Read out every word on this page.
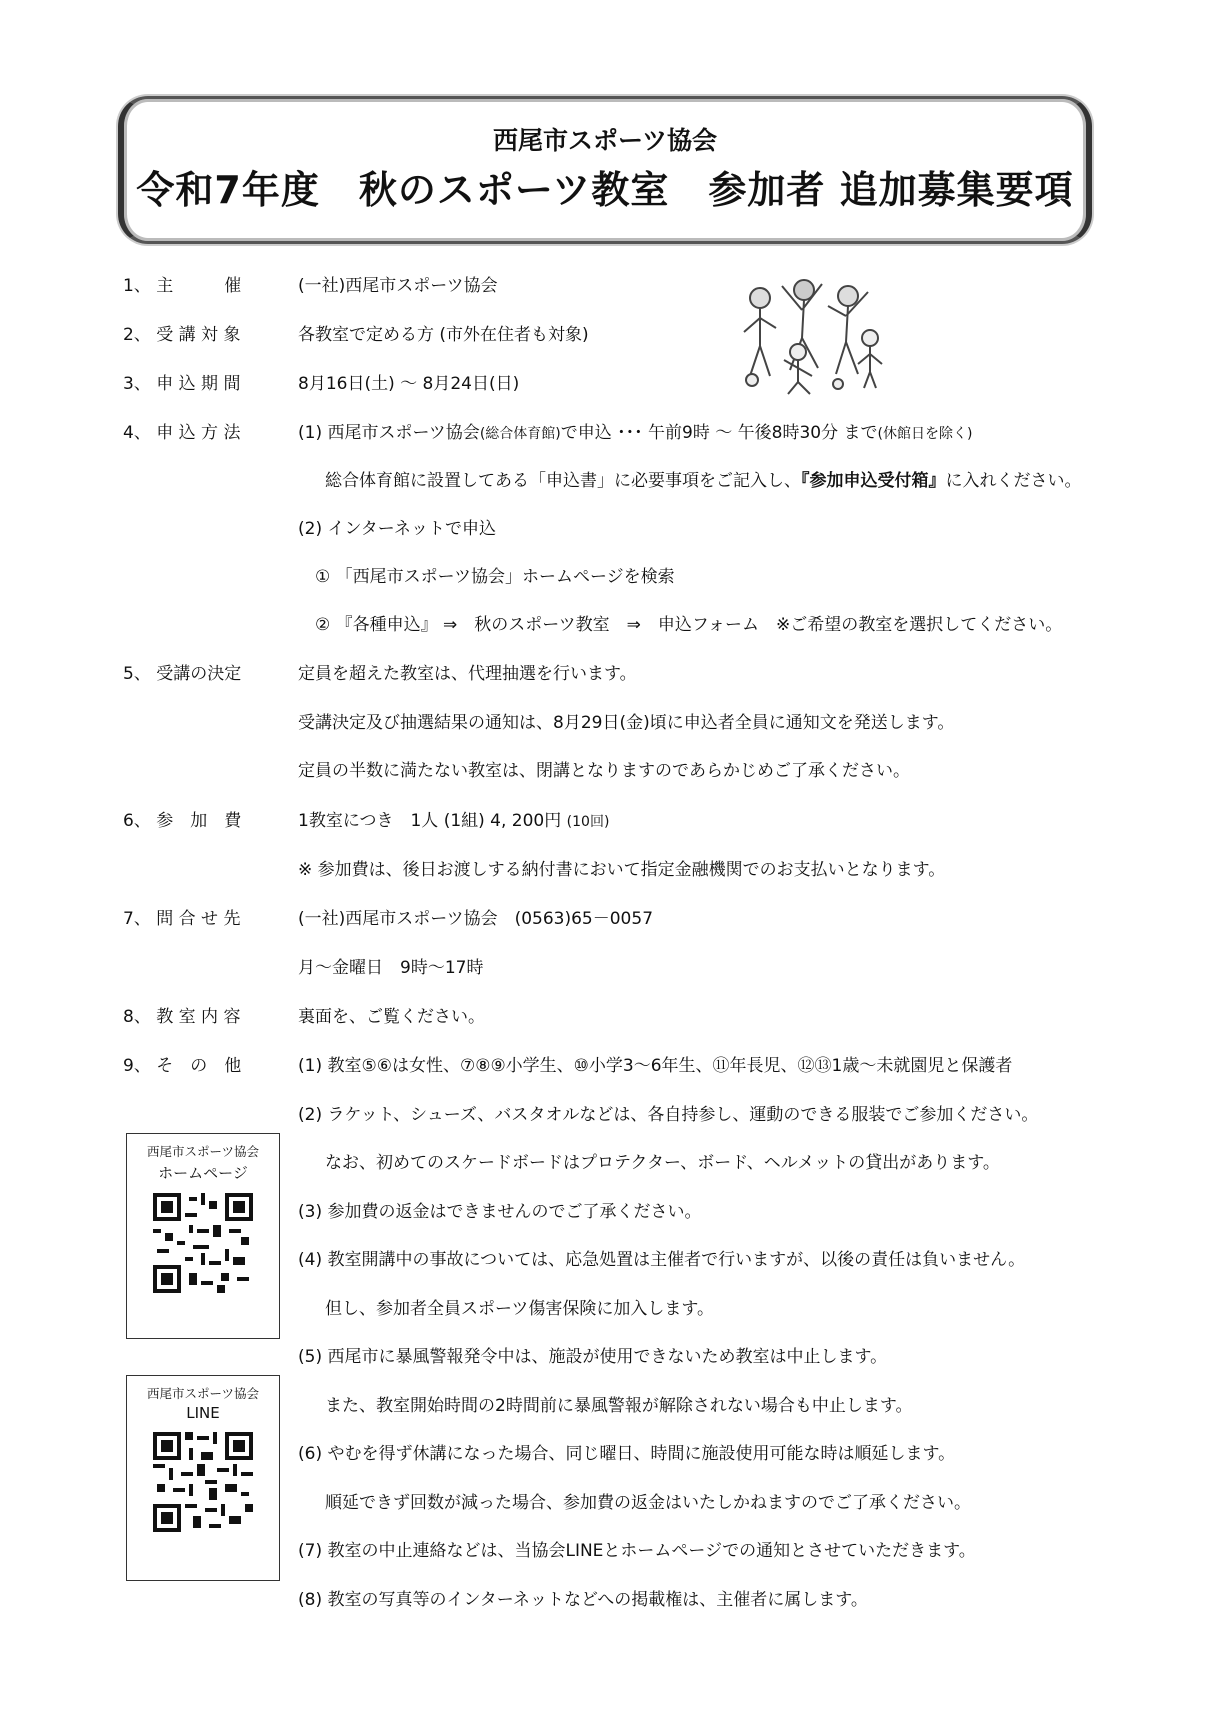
西尾市スポーツ協会
令和7年度　秋のスポーツ教室　参加者 追加募集要項
1、 主　　　催	(一社)西尾市スポーツ協会
2、 受 講 対 象	各教室で定める方 (市外在住者も対象)
3、 申 込 期 間	8月16日(土) ～ 8月24日(日)
4、 申 込 方 法	(1) 西尾市スポーツ協会(総合体育館)で申込 ･･･ 午前9時 ～ 午後8時30分 まで(休館日を除く)
総合体育館に設置してある「申込書」に必要事項をご記入し、『参加申込受付箱』に入れください。
(2) インターネットで申込
① 「西尾市スポーツ協会」ホームページを検索
② 『各種申込』 ⇒　秋のスポーツ教室　⇒　申込フォーム　※ご希望の教室を選択してください。
5、 受講の決定	定員を超えた教室は、代理抽選を行います。
受講決定及び抽選結果の通知は、8月29日(金)頃に申込者全員に通知文を発送します。
定員の半数に満たない教室は、閉講となりますのであらかじめご了承ください。
6、 参　加　費	1教室につき　1人 (1組) 4, 200円 (10回)
※ 参加費は、後日お渡しする納付書において指定金融機関でのお支払いとなります。
7、 問 合 せ 先	(一社)西尾市スポーツ協会　(0563)65－0057
月～金曜日　9時～17時
8、 教 室 内 容	裏面を、ご覧ください。
9、 そ　の　他	(1) 教室⑤⑥は女性、⑦⑧⑨小学生、⑩小学3～6年生、⑪年長児、⑫⑬1歳～未就園児と保護者
(2) ラケット、シューズ、バスタオルなどは、各自持参し、運動のできる服装でご参加ください。
なお、初めてのスケードボードはプロテクター、ボード、ヘルメットの貸出があります。
(3) 参加費の返金はできませんのでご了承ください。
(4) 教室開講中の事故については、応急処置は主催者で行いますが、以後の責任は負いません。
但し、参加者全員スポーツ傷害保険に加入します。
(5) 西尾市に暴風警報発令中は、施設が使用できないため教室は中止します。
また、教室開始時間の2時間前に暴風警報が解除されない場合も中止します。
(6) やむを得ず休講になった場合、同じ曜日、時間に施設使用可能な時は順延します。
順延できず回数が減った場合、参加費の返金はいたしかねますのでご了承ください。
(7) 教室の中止連絡などは、当協会LINEとホームページでの通知とさせていただきます。
(8) 教室の写真等のインターネットなどへの掲載権は、主催者に属します。
西尾市スポーツ協会
ホームページ
西尾市スポーツ協会
LINE
